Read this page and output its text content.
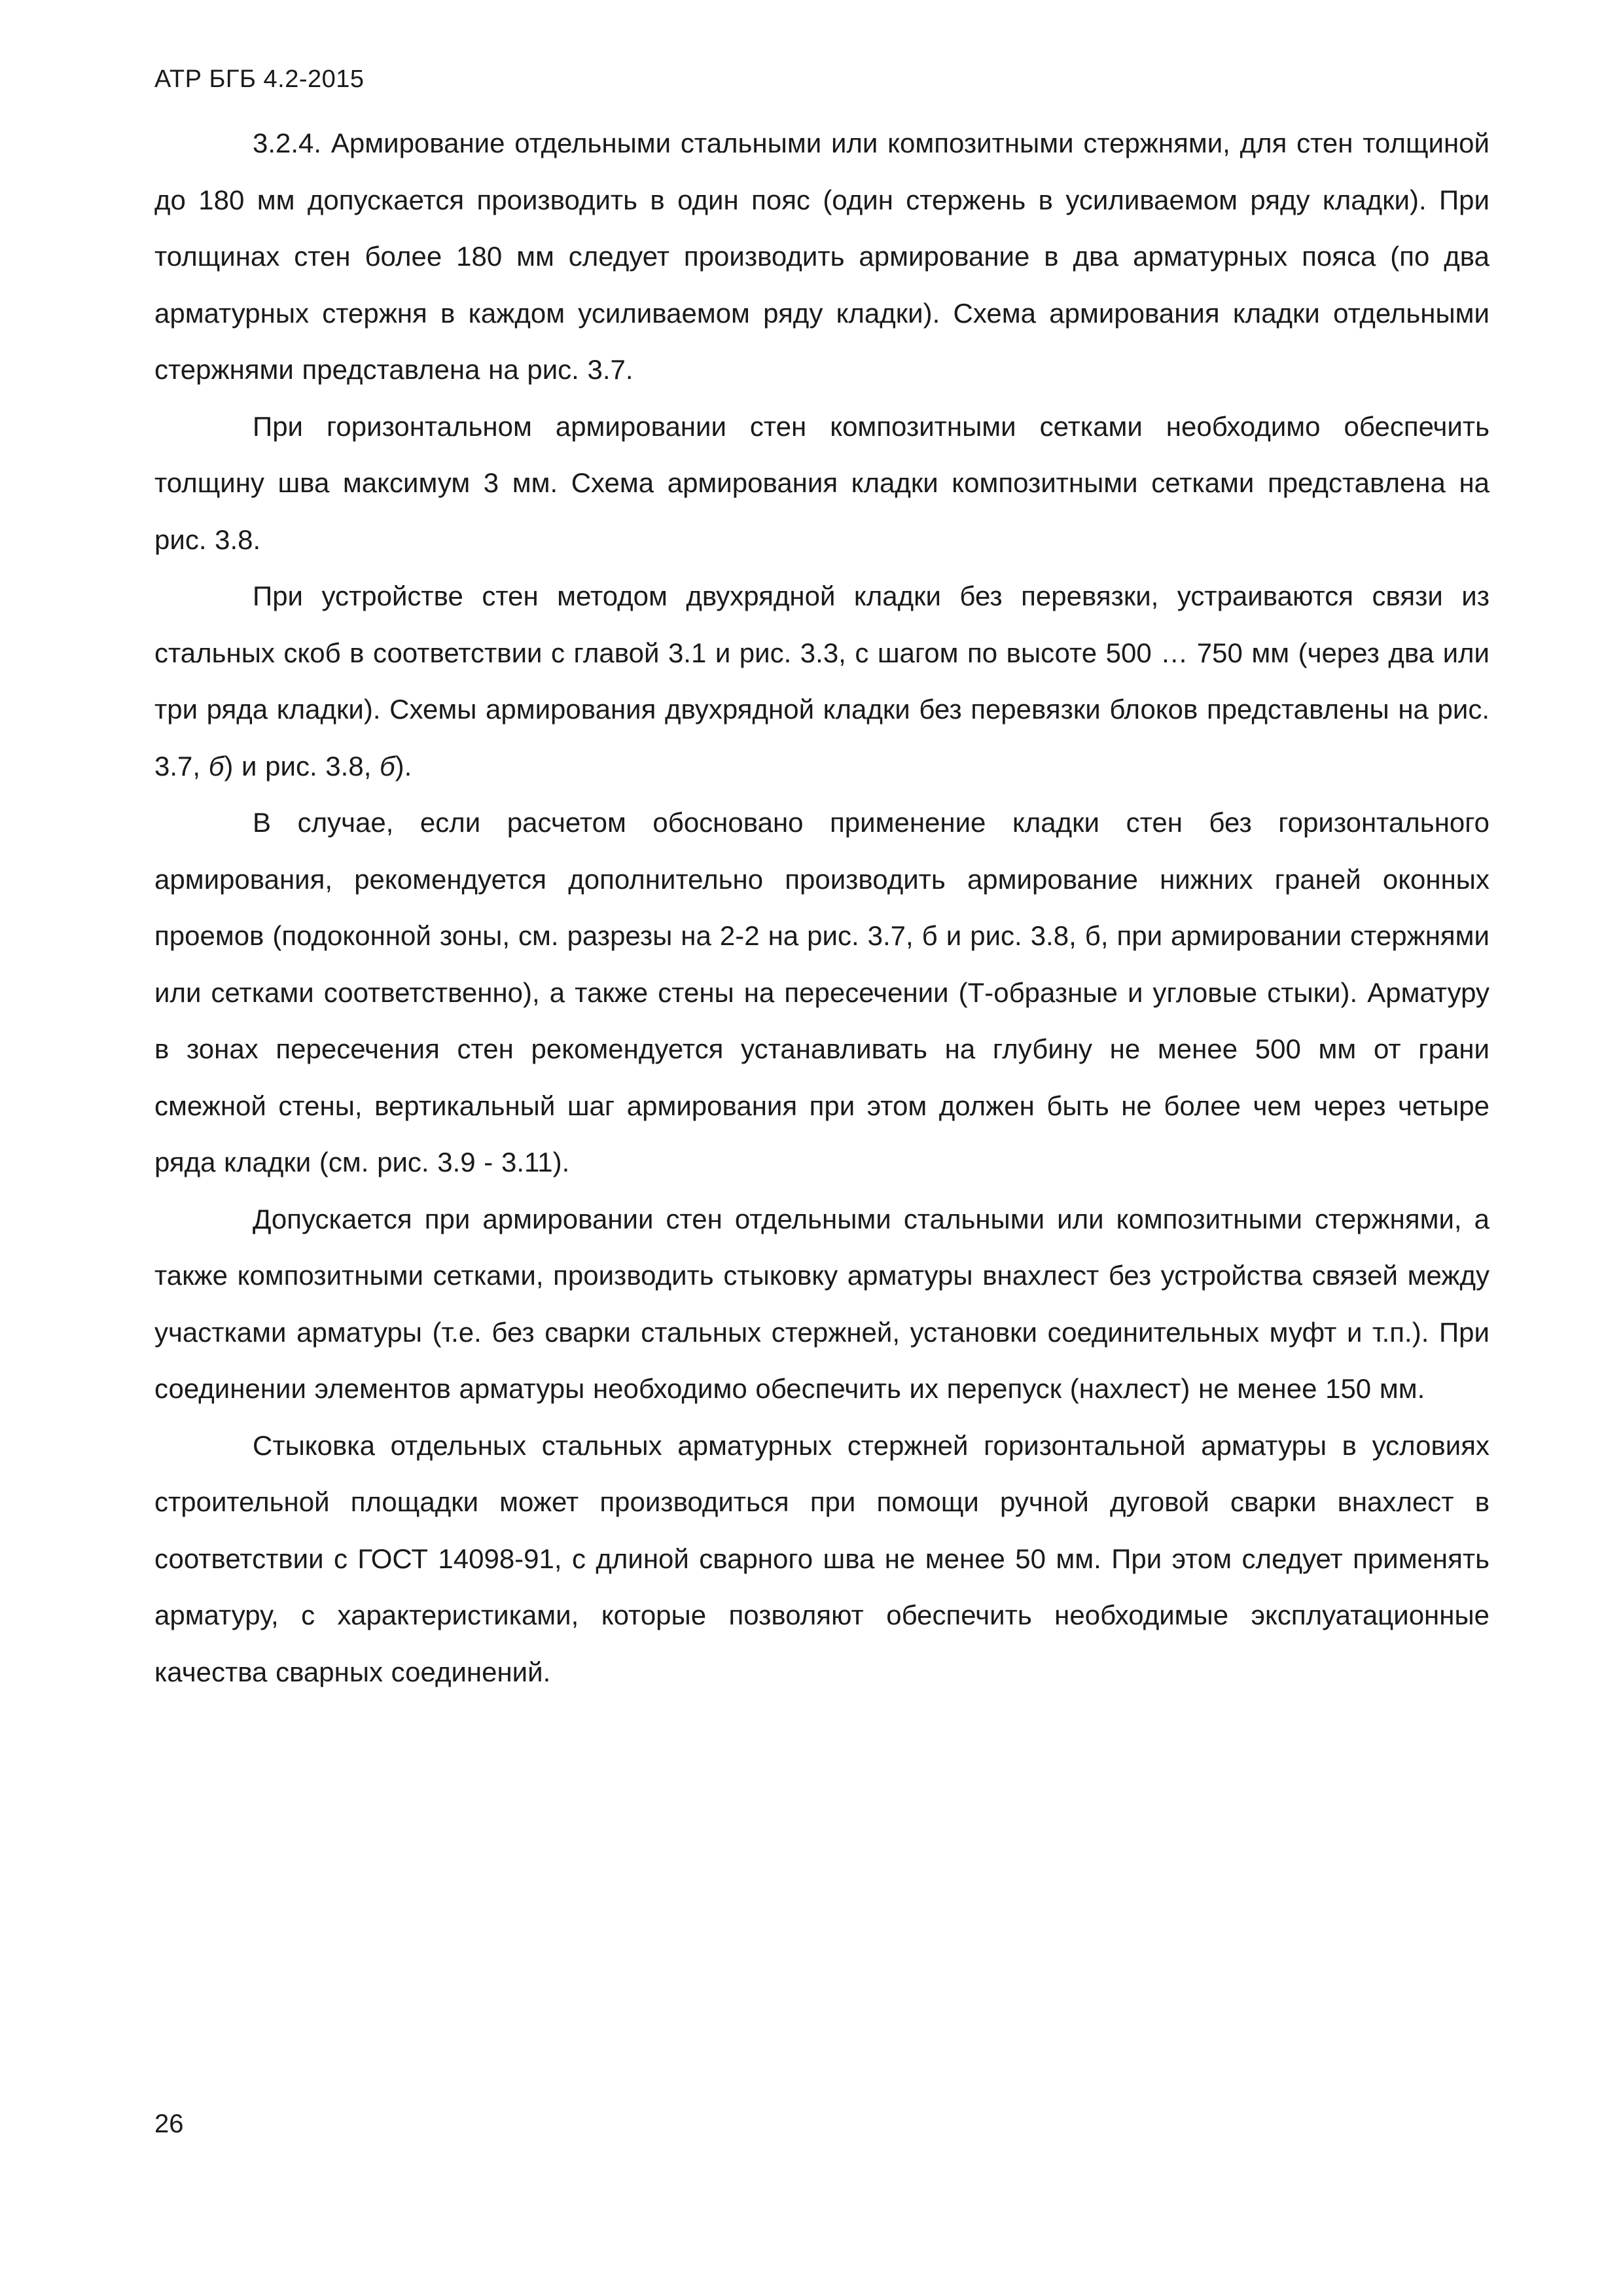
АТР БГБ 4.2-2015

3.2.4. Армирование отдельными стальными или композитными стержнями, для стен толщиной до 180 мм допускается производить в один пояс (один стержень в усиливаемом ряду кладки). При толщинах стен более 180 мм следует производить армирование в два арматурных пояса (по два арматурных стержня в каждом усиливаемом ряду кладки). Схема армирования кладки отдельными стержнями представлена на рис. 3.7.

При горизонтальном армировании стен композитными сетками необходимо обеспечить толщину шва максимум 3 мм. Схема армирования кладки композитными сетками представлена на рис. 3.8.

При устройстве стен методом двухрядной кладки без перевязки, устраиваются связи из стальных скоб в соответствии с главой 3.1 и рис. 3.3, с шагом по высоте 500 … 750 мм (через два или три ряда кладки). Схемы армирования двухрядной кладки без перевязки блоков представлены на рис. 3.7, б) и рис. 3.8, б).

В случае, если расчетом обосновано применение кладки стен без горизонтального армирования, рекомендуется дополнительно производить армирование нижних граней оконных проемов (подоконной зоны, см. разрезы на 2-2 на рис. 3.7, б и рис. 3.8, б, при армировании стержнями или сетками соответственно), а также стены на пересечении (Т-образные и угловые стыки). Арматуру в зонах пересечения стен рекомендуется устанавливать на глубину не менее 500 мм от грани смежной стены, вертикальный шаг армирования при этом должен быть не более чем через четыре ряда кладки (см. рис. 3.9 - 3.11).

Допускается при армировании стен отдельными стальными или композитными стержнями, а также композитными сетками, производить стыковку арматуры внахлест без устройства связей между участками арматуры (т.е. без сварки стальных стержней, установки соединительных муфт и т.п.). При соединении элементов арматуры необходимо обеспечить их перепуск (нахлест) не менее 150 мм.

Стыковка отдельных стальных арматурных стержней горизонтальной арматуры в условиях строительной площадки может производиться при помощи ручной дуговой сварки внахлест в соответствии с ГОСТ 14098-91, с длиной сварного шва не менее 50 мм. При этом следует применять арматуру, с характеристиками, которые позволяют обеспечить необходимые эксплуатационные качества сварных соединений.

26
